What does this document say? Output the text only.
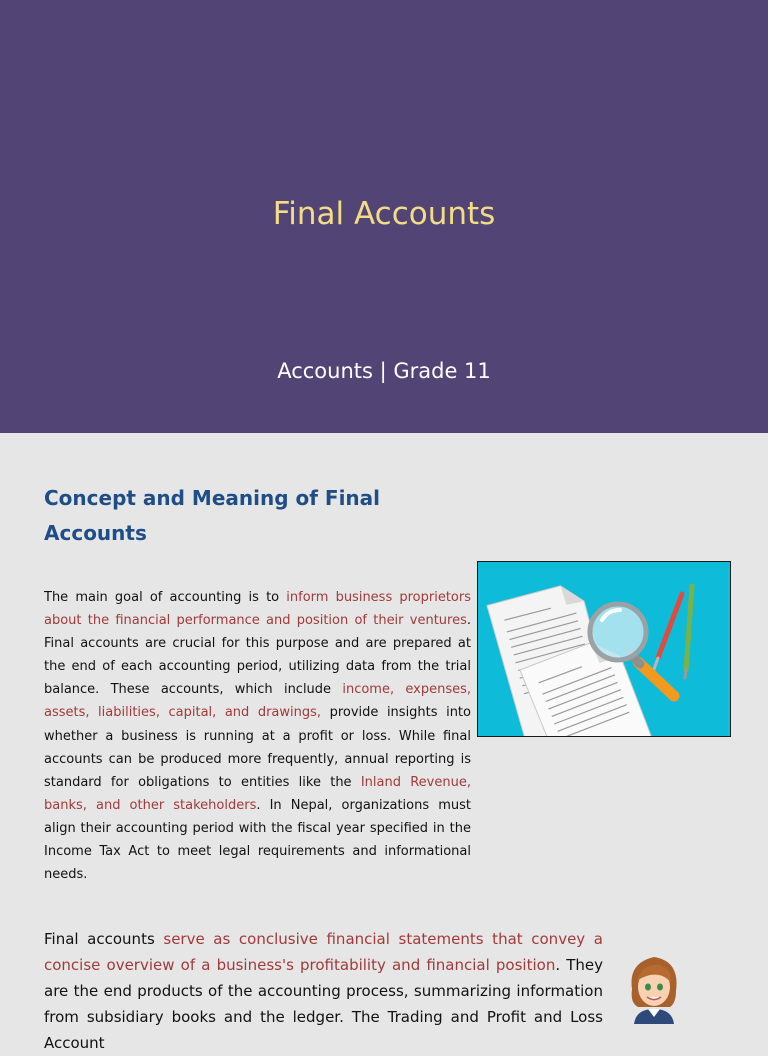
Final Accounts
Accounts | Grade 11
Concept and Meaning of Final Accounts

The main goal of accounting is to inform business proprietors about the financial performance and position of their ventures. Final accounts are crucial for this purpose and are prepared at the end of each accounting period, utilizing data from the trial balance. These accounts, which include income, expenses, assets, liabilities, capital, and drawings, provide insights into whether a business is running at a profit or loss. While final accounts can be produced more frequently, annual reporting is standard for obligations to entities like the Inland Revenue, banks, and other stakeholders. In Nepal, organizations must align their accounting period with the fiscal year specified in the Income Tax Act to meet legal requirements and informational needs.

Final accounts serve as conclusive financial statements that convey a concise overview of a business's profitability and financial position. They are the end products of the accounting process, summarizing information from subsidiary books and the ledger. The Trading and Profit and Loss Account
